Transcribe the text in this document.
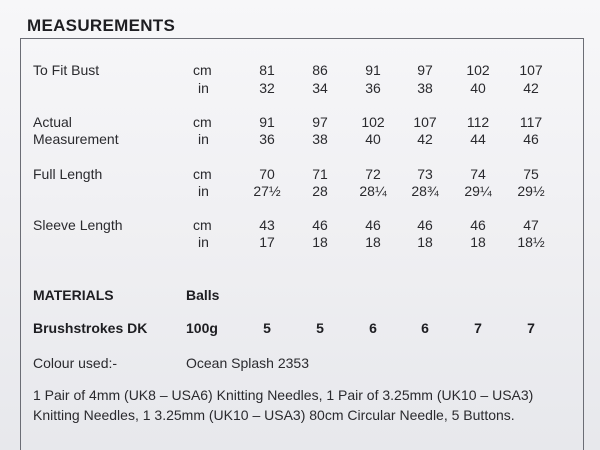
MEASUREMENTS
To Fit Bust	cm	81	86	91	97 102 107
in	32	34	36	38	40	42
Actual	cm	91	97 102 107 112 117
Measurement	in	36	38	40	42	44	46
Full Length	cm	70	71	72	73	74	75
in	27½ 28 28¼ 28¾ 29¼ 29½
Sleeve Length	cm	43	46	46	46	46	47
in	17	18	18	18	18 18½
MATERIALS	Balls
Brushstrokes DK	100g	5	5	6	6	7	7
Colour used:-	Ocean Splash 2353
1 Pair of 4mm (UK8 – USA6) Knitting Needles, 1 Pair of 3.25mm (UK10 – USA3)
Knitting Needles, 1 3.25mm (UK10 – USA3) 80cm Circular Needle, 5 Buttons.
